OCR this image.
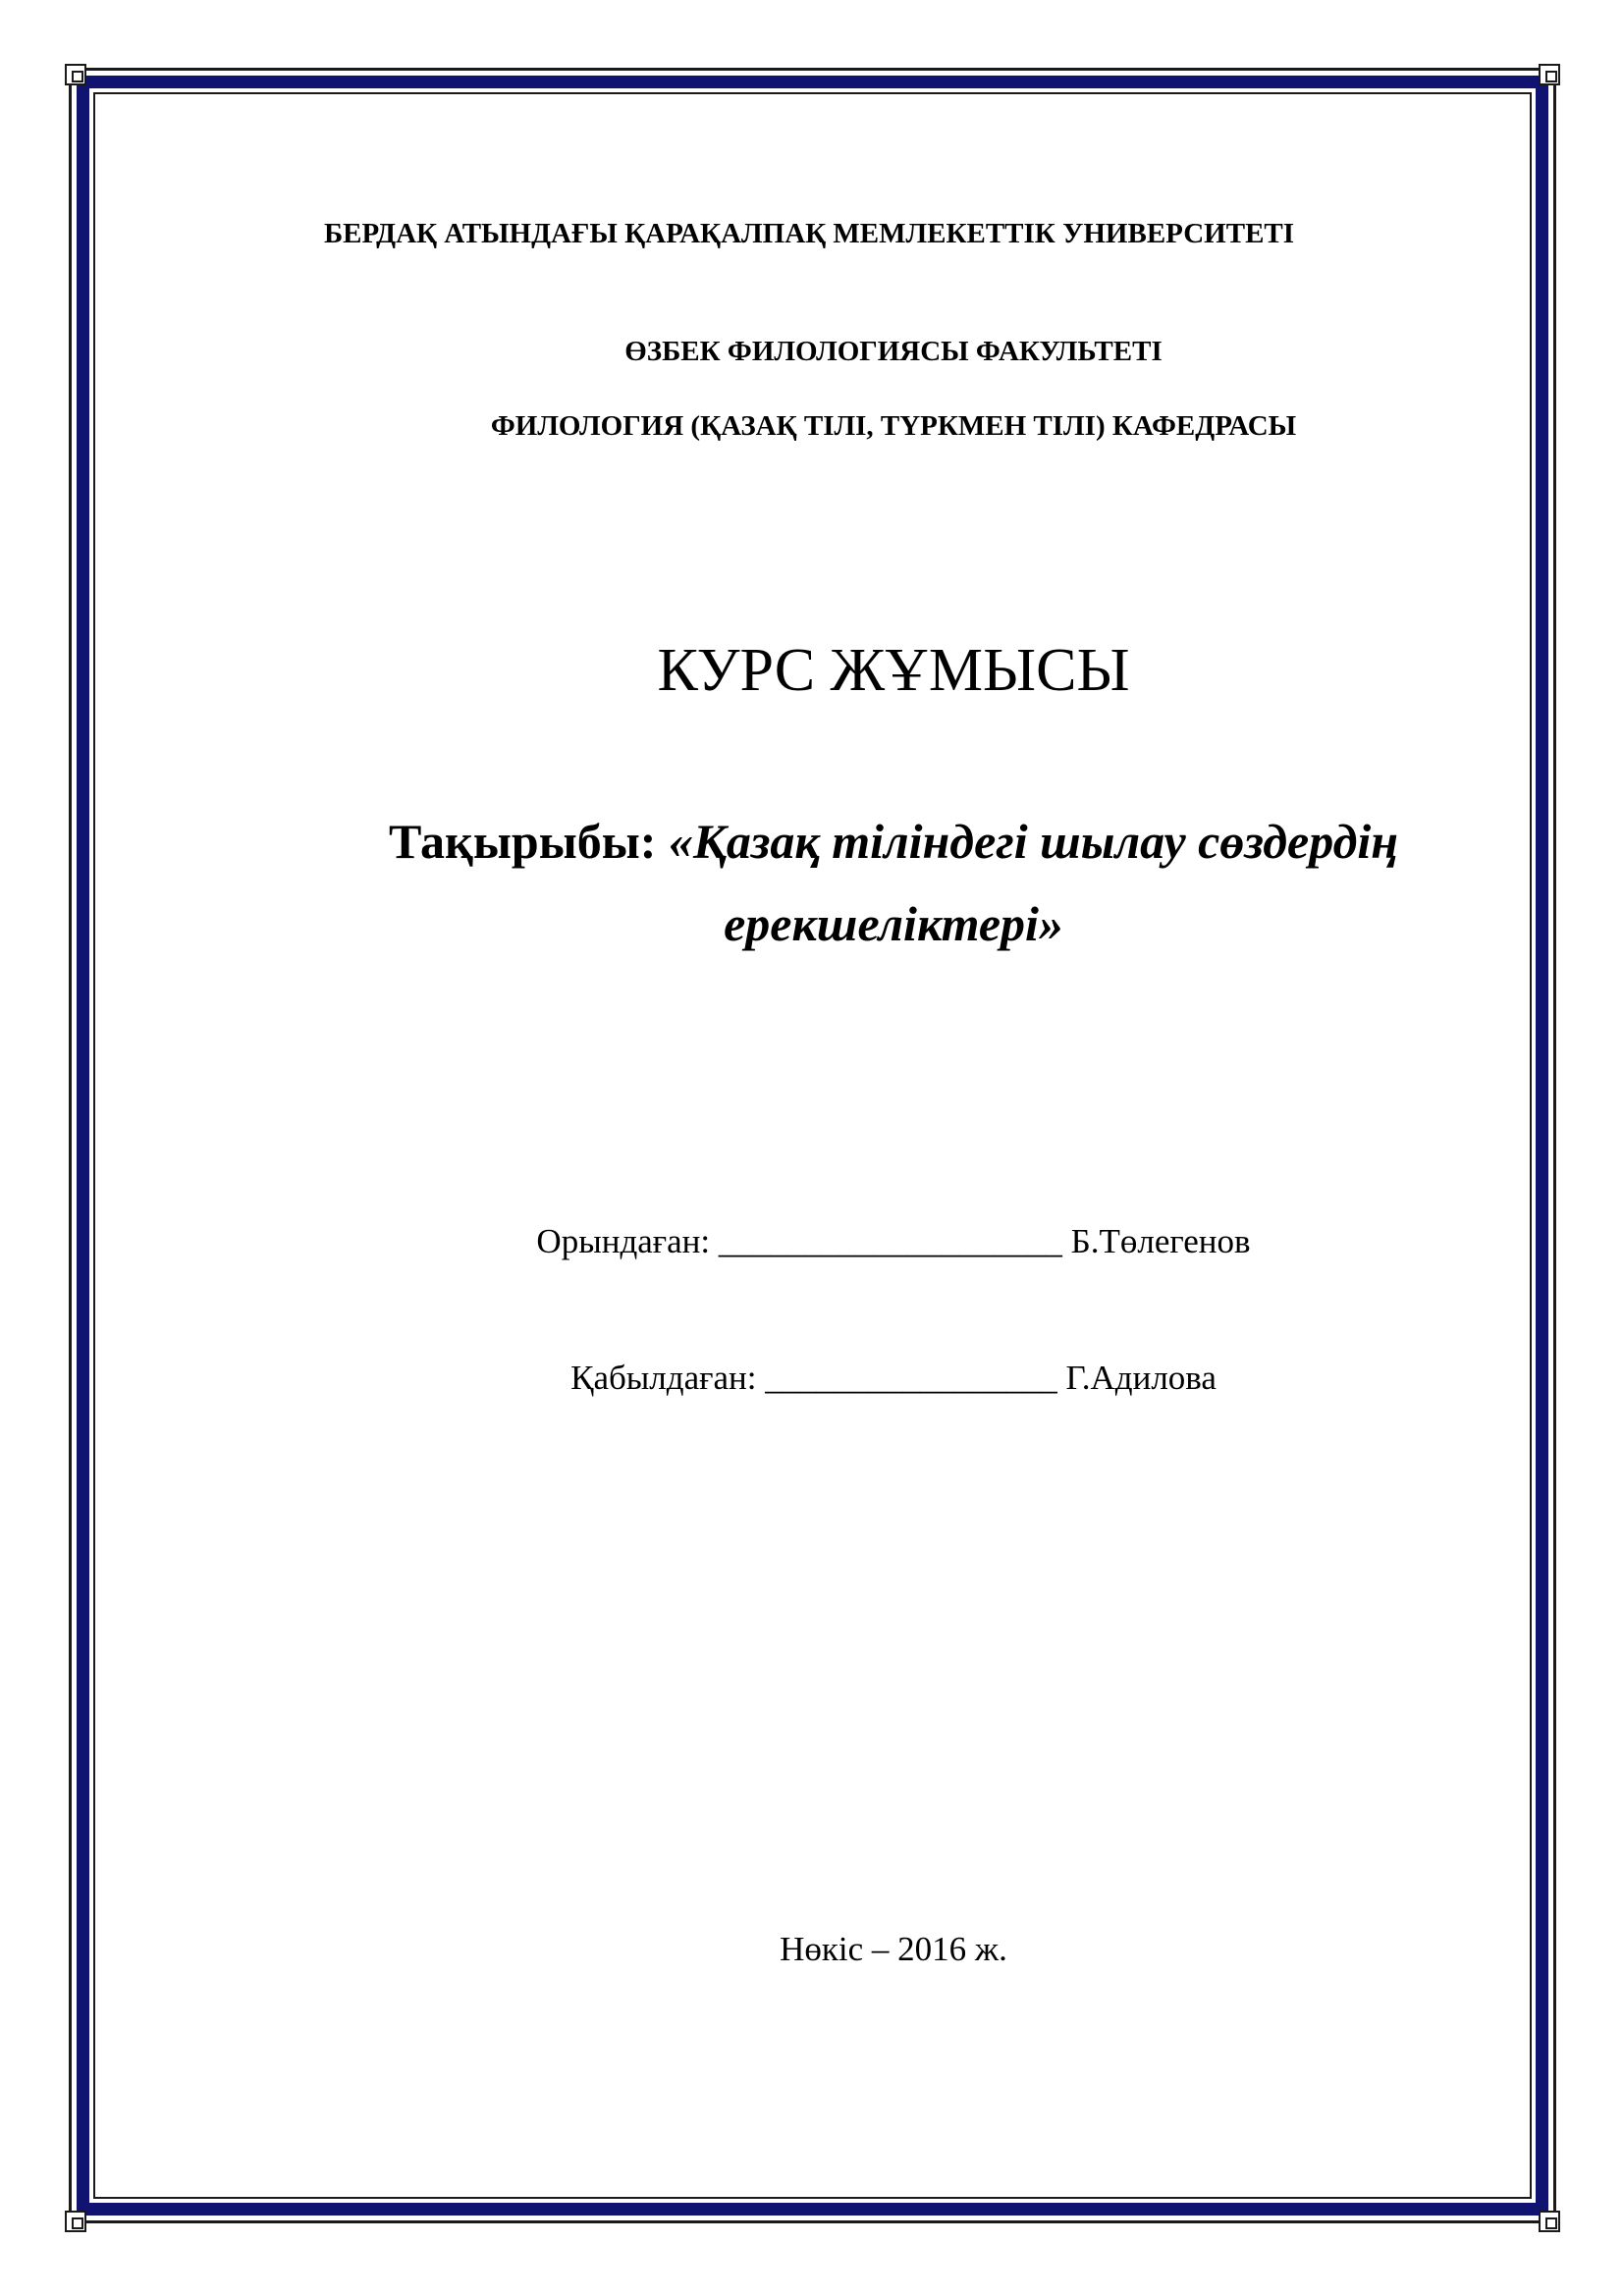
БЕРДАҚ АТЫНДАҒЫ ҚАРАҚАЛПАҚ МЕМЛЕКЕТТІК УНИВЕРСИТЕТІ
ӨЗБЕК ФИЛОЛОГИЯСЫ ФАКУЛЬТЕТІ
ФИЛОЛОГИЯ (ҚАЗАҚ ТІЛІ, ТҮРКМЕН ТІЛІ) КАФЕДРАСЫ
КУРС ЖҰМЫСЫ
Тақырыбы: «Қазақ тіліндегі шылау сөздердің ерекшеліктері»
Орындаған: ____________________ Б.Төлегенов
Қабылдаған: _________________ Г.Адилова
Нөкіс – 2016 ж.
